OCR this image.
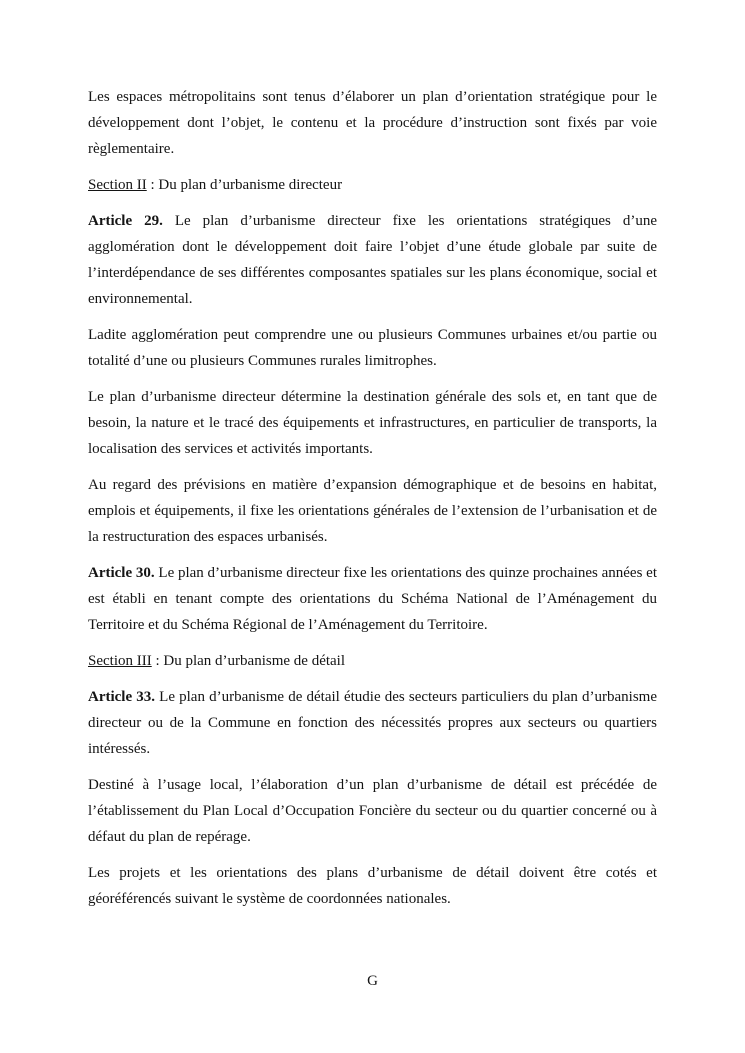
Les espaces métropolitains sont tenus d’élaborer un plan d’orientation stratégique pour le développement dont l’objet, le contenu et la procédure d’instruction sont fixés par voie règlementaire.

Section II : Du plan d’urbanisme directeur

Article 29. Le plan d’urbanisme directeur fixe les orientations stratégiques d’une agglomération dont le développement doit faire l’objet d’une étude globale par suite de l’interdépendance de ses différentes composantes spatiales sur les plans économique, social et environnemental.

Ladite agglomération peut comprendre une ou plusieurs Communes urbaines et/ou partie ou totalité d’une ou plusieurs Communes rurales limitrophes.

Le plan d’urbanisme directeur détermine la destination générale des sols et, en tant que de besoin, la nature et le tracé des équipements et infrastructures, en particulier de transports, la localisation des services et activités importants.

Au regard des prévisions en matière d’expansion démographique et de besoins en habitat, emplois et équipements, il fixe les orientations générales de l’extension de l’urbanisation et de la restructuration des espaces urbanisés.

Article 30. Le plan d’urbanisme directeur fixe les orientations des quinze prochaines années et est établi en tenant compte des orientations du Schéma National de l’Aménagement du Territoire et du Schéma Régional de l’Aménagement du Territoire.

Section III : Du plan d’urbanisme de détail

Article 33. Le plan d’urbanisme de détail étudie des secteurs particuliers du plan d’urbanisme directeur ou de la Commune en fonction des nécessités propres aux secteurs ou quartiers intéressés.

Destiné à l’usage local, l’élaboration d’un plan d’urbanisme de détail est précédée de l’établissement du Plan Local d’Occupation Foncière du secteur ou du quartier concerné ou à défaut du plan de repérage.

Les projets et les orientations des plans d’urbanisme de détail doivent être cotés et géoréférencés suivant le système de coordonnées nationales.

G
